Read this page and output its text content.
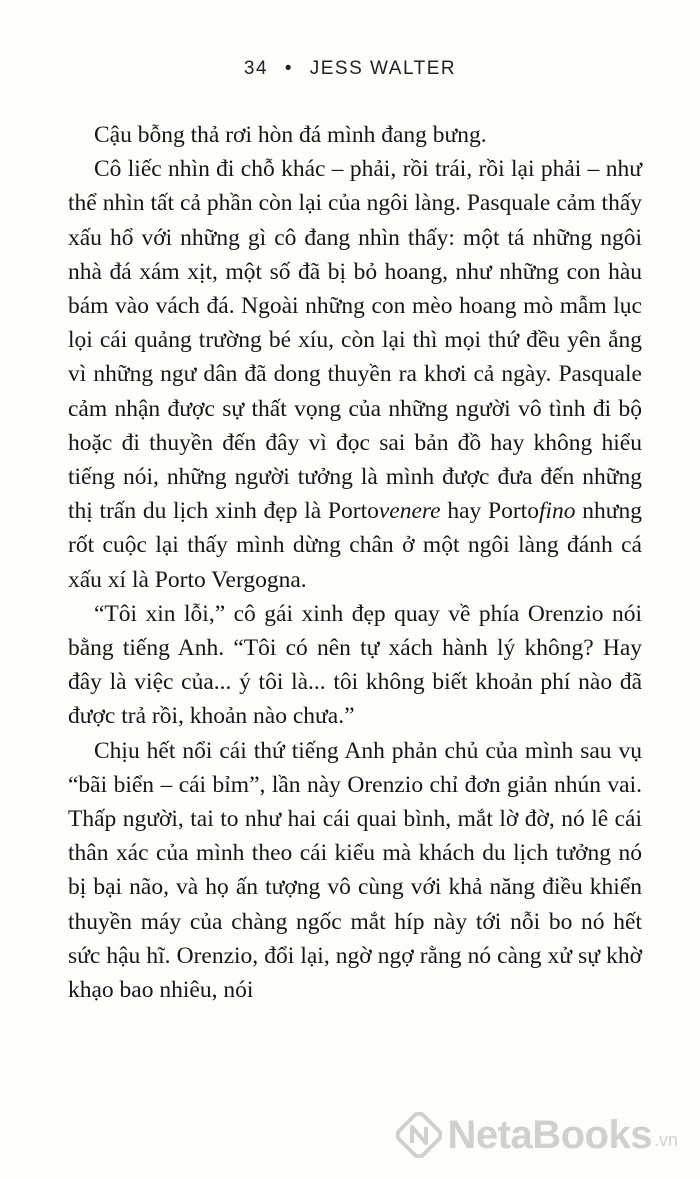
34 • JESS WALTER

Cậu bỗng thả rơi hòn đá mình đang bưng.

Cô liếc nhìn đi chỗ khác – phải, rồi trái, rồi lại phải – như thể nhìn tất cả phần còn lại của ngôi làng. Pasquale cảm thấy xấu hổ với những gì cô đang nhìn thấy: một tá những ngôi nhà đá xám xịt, một số đã bị bỏ hoang, như những con hàu bám vào vách đá. Ngoài những con mèo hoang mò mẫm lục lọi cái quảng trường bé xíu, còn lại thì mọi thứ đều yên ắng vì những ngư dân đã dong thuyền ra khơi cả ngày. Pasquale cảm nhận được sự thất vọng của những người vô tình đi bộ hoặc đi thuyền đến đây vì đọc sai bản đồ hay không hiểu tiếng nói, những người tưởng là mình được đưa đến những thị trấn du lịch xinh đẹp là Portovenere hay Portofino nhưng rốt cuộc lại thấy mình dừng chân ở một ngôi làng đánh cá xấu xí là Porto Vergogna.

“Tôi xin lỗi,” cô gái xinh đẹp quay về phía Orenzio nói bằng tiếng Anh. “Tôi có nên tự xách hành lý không? Hay đây là việc của... ý tôi là... tôi không biết khoản phí nào đã được trả rồi, khoản nào chưa.”

Chịu hết nổi cái thứ tiếng Anh phản chủ của mình sau vụ “bãi biển – cái bỉm”, lần này Orenzio chỉ đơn giản nhún vai. Thấp người, tai to như hai cái quai bình, mắt lờ đờ, nó lê cái thân xác của mình theo cái kiểu mà khách du lịch tưởng nó bị bại não, và họ ấn tượng vô cùng với khả năng điều khiển thuyền máy của chàng ngốc mắt híp này tới nỗi bo nó hết sức hậu hĩ. Orenzio, đổi lại, ngờ ngợ rằng nó càng xử sự khờ khạo bao nhiêu, nói

NetaBooks .vn
